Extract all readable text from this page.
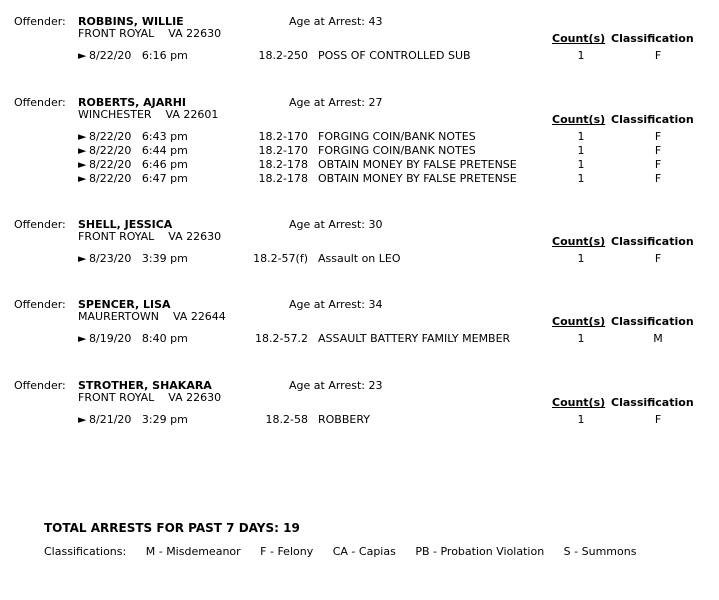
Offender: ROBBINS, WILLIE	Age at Arrest: 43
FRONT ROYAL    VA 22630	Count(s) Classification
► 8/22/20   6:16 pm	18.2-250 POSS OF CONTROLLED SUB	1	F
Offender: ROBERTS, AJARHI	Age at Arrest: 27
WINCHESTER    VA 22601	Count(s) Classification
► 8/22/20   6:43 pm	18.2-170 FORGING COIN/BANK NOTES	1	F
► 8/22/20   6:44 pm	18.2-170 FORGING COIN/BANK NOTES	1	F
► 8/22/20   6:46 pm	18.2-178 OBTAIN MONEY BY FALSE PRETENSE	1	F
► 8/22/20   6:47 pm	18.2-178 OBTAIN MONEY BY FALSE PRETENSE	1	F
Offender: SHELL, JESSICA	Age at Arrest: 30
FRONT ROYAL    VA 22630	Count(s) Classification
► 8/23/20   3:39 pm	18.2-57(f) Assault on LEO	1	F
Offender: SPENCER, LISA	Age at Arrest: 34
MAURERTOWN    VA 22644	Count(s) Classification
► 8/19/20   8:40 pm	18.2-57.2 ASSAULT BATTERY FAMILY MEMBER	1	M
Offender: STROTHER, SHAKARA	Age at Arrest: 23
FRONT ROYAL    VA 22630	Count(s) Classification
► 8/21/20   3:29 pm	18.2-58 ROBBERY	1	F
TOTAL ARRESTS FOR PAST 7 DAYS: 19
Classifications: M - Misdemeanor F - Felony CA - Capias PB - Probation Violation S - Summons
